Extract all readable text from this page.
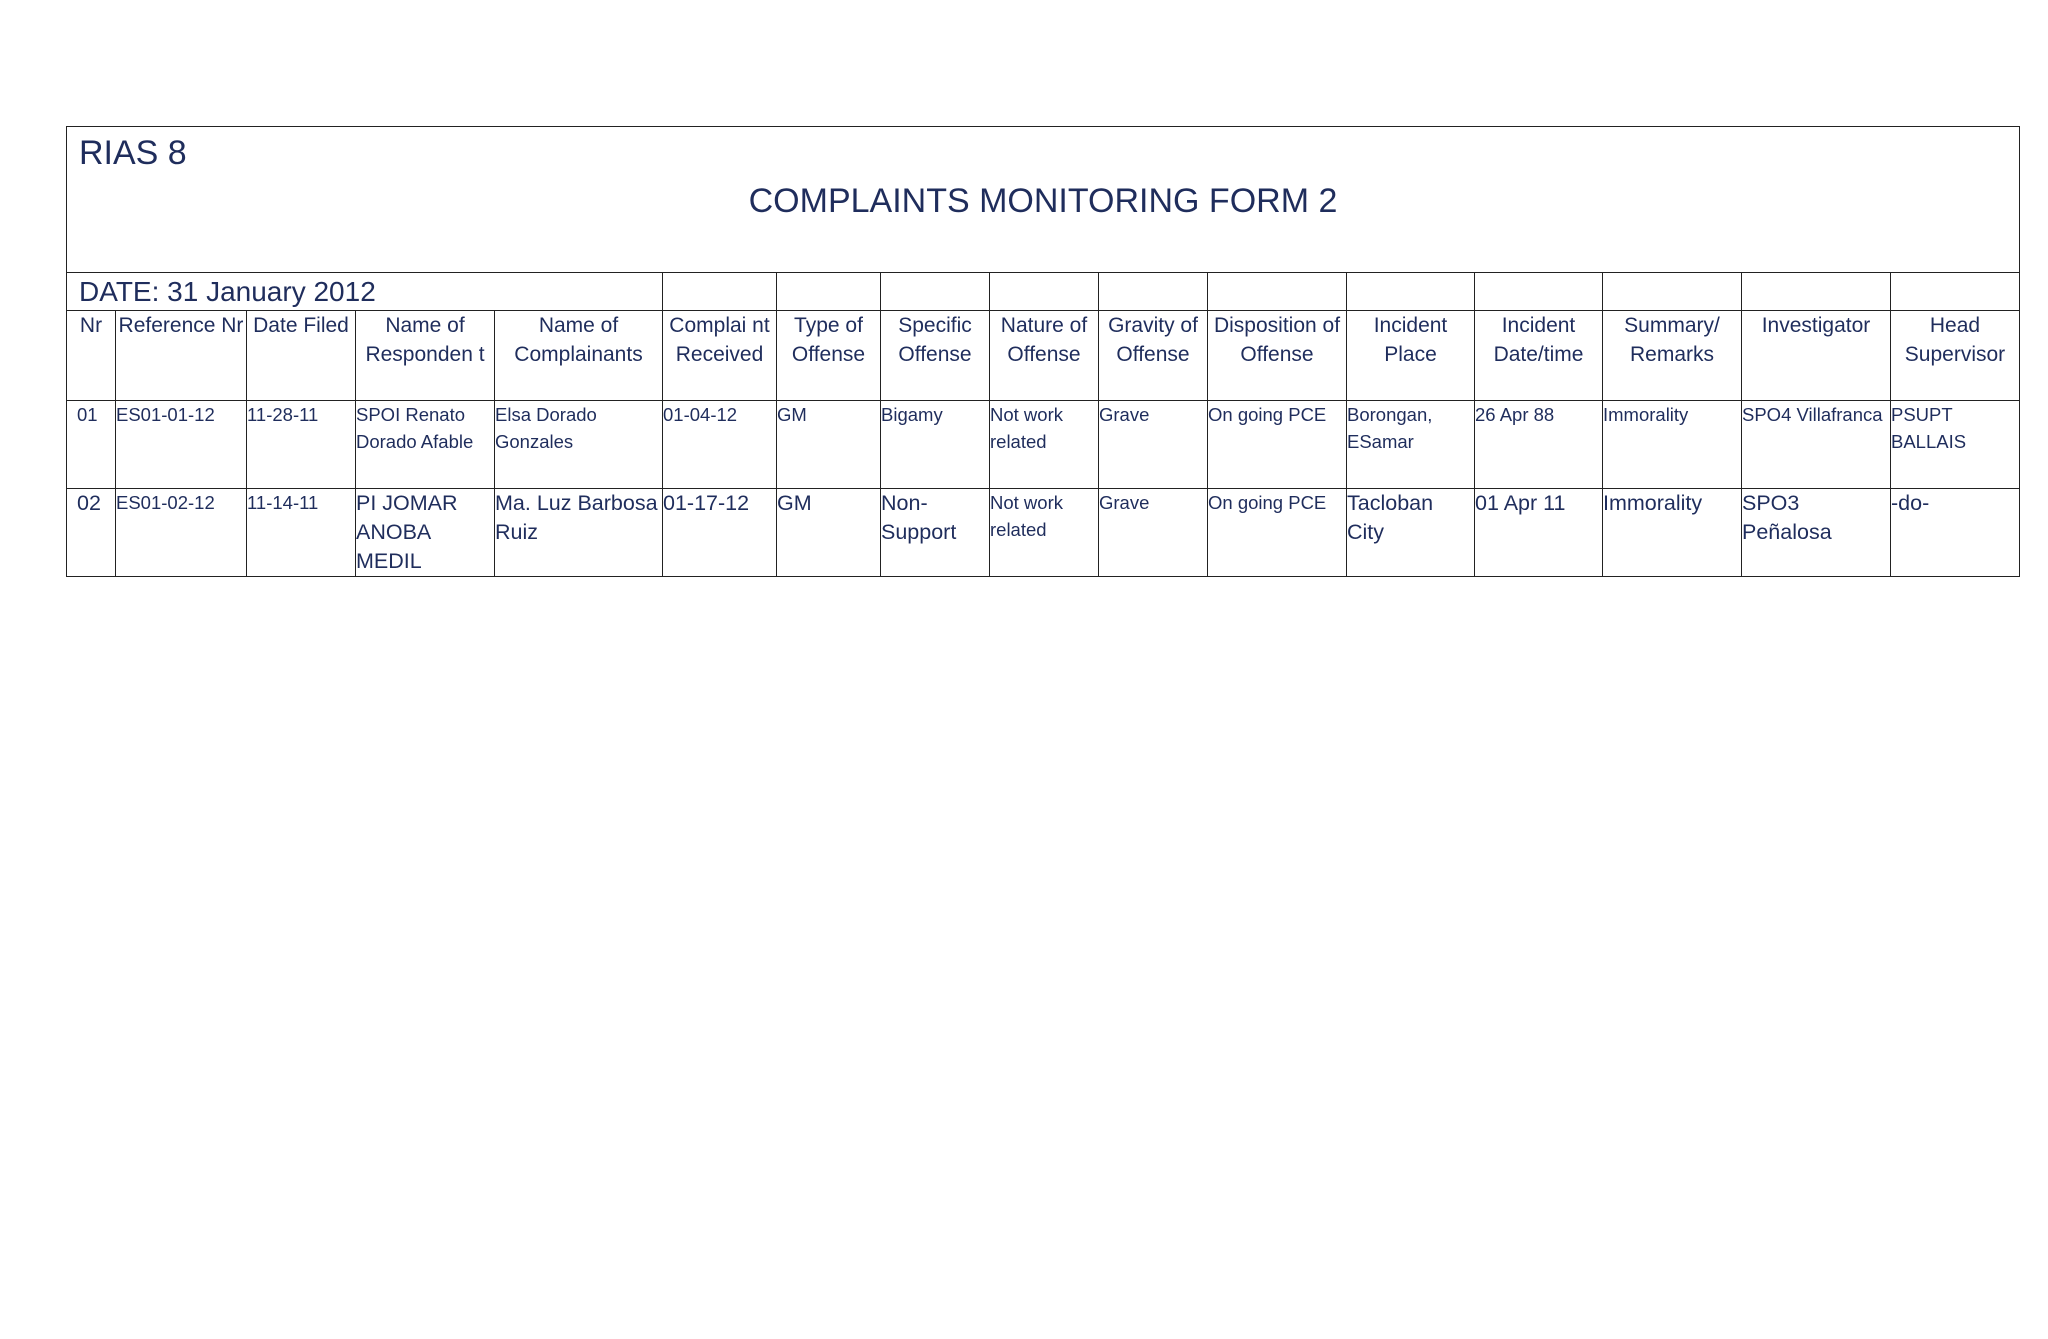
RIAS 8
COMPLAINTS MONITORING FORM 2															

DATE: 31 January 2012															

Nr	Reference Nr	Date Filed	Name of Responden t	Name of Complainants	Complai nt Received	Type of Offense	Specific Offense	Nature of Offense	Gravity of Offense	Disposition of Offense	Incident Place	Incident Date/time	Summary/ Remarks	Investigator	Head Supervisor
01	ES01-01-12	11-28-11	SPOI Renato Dorado Afable	Elsa Dorado Gonzales	01-04-12	GM	Bigamy	Not work related	Grave	On going PCE	Borongan, ESamar	26 Apr 88	Immorality	SPO4 Villafranca	PSUPT BALLAIS
02	ES01-02-12	11-14-11	PI JOMAR ANOBA MEDIL	Ma. Luz Barbosa Ruiz	01-17-12	GM	Non-Support	Not work related	Grave	On going PCE	Tacloban City	01 Apr 11	Immorality	SPO3 Peñalosa	-do-
